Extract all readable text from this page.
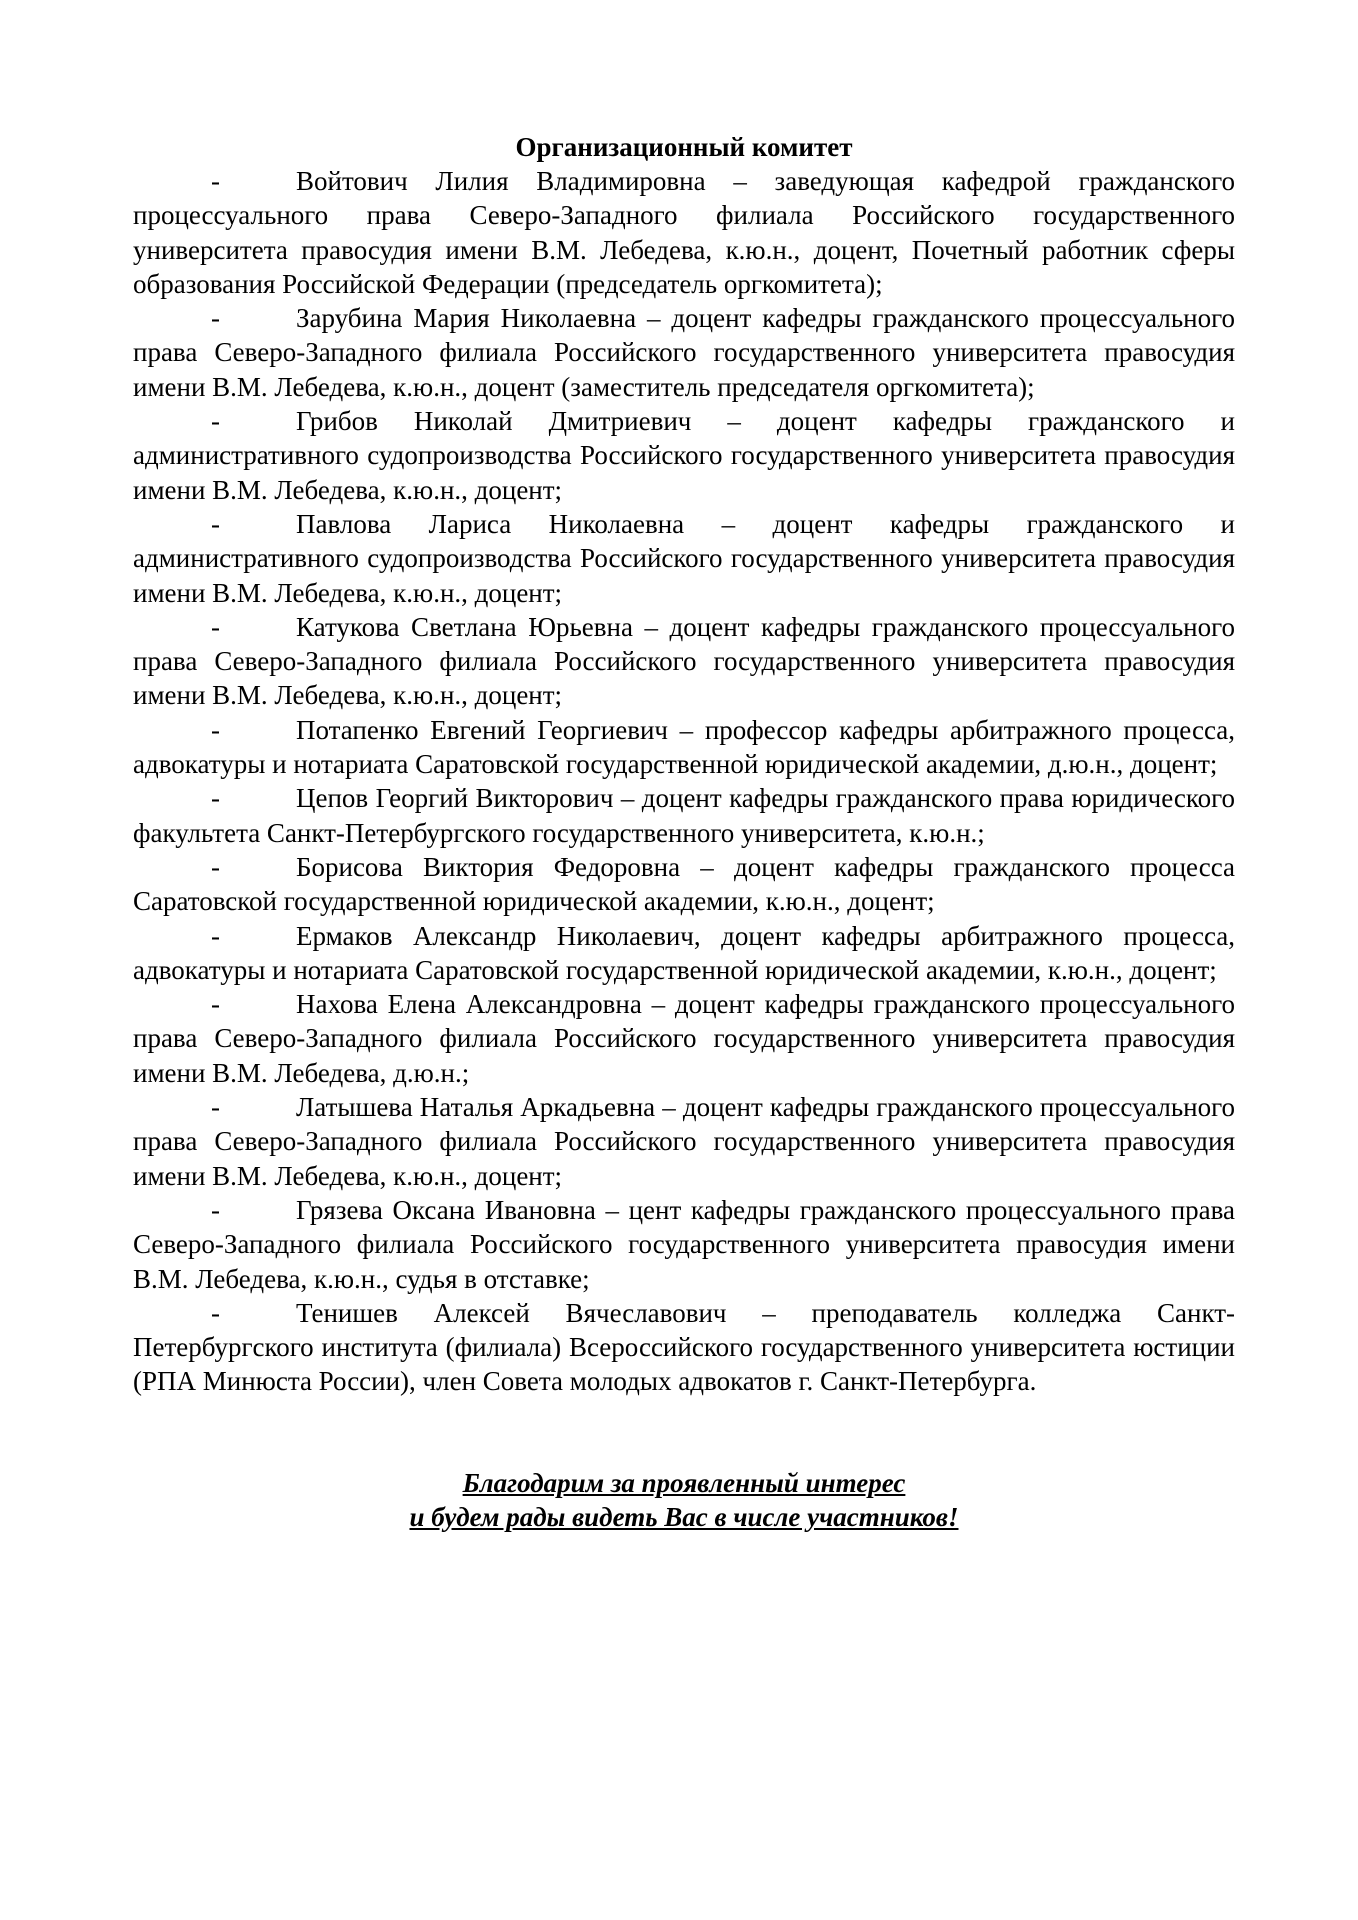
Организационный комитет

-	Войтович Лилия Владимировна – заведующая кафедрой гражданского процессуального права Северо-Западного филиала Российского государственного университета правосудия имени В.М. Лебедева, к.ю.н., доцент, Почетный работник сферы образования Российской Федерации (председатель оргкомитета);

-	Зарубина Мария Николаевна – доцент кафедры гражданского процессуального права Северо-Западного филиала Российского государственного университета правосудия имени В.М. Лебедева, к.ю.н., доцент (заместитель председателя оргкомитета);

-	Грибов Николай Дмитриевич – доцент кафедры гражданского и административного судопроизводства Российского государственного университета правосудия имени В.М. Лебедева, к.ю.н., доцент;

-	Павлова Лариса Николаевна – доцент кафедры гражданского и административного судопроизводства Российского государственного университета правосудия имени В.М. Лебедева, к.ю.н., доцент;

-	Катукова Светлана Юрьевна – доцент кафедры гражданского процессуального права Северо-Западного филиала Российского государственного университета правосудия имени В.М. Лебедева, к.ю.н., доцент;

-	Потапенко Евгений Георгиевич – профессор кафедры арбитражного процесса, адвокатуры и нотариата Саратовской государственной юридической академии, д.ю.н., доцент;

-	Цепов Георгий Викторович – доцент кафедры гражданского права юридического факультета Санкт-Петербургского государственного университета, к.ю.н.;

-	Борисова Виктория Федоровна – доцент кафедры гражданского процесса Саратовской государственной юридической академии, к.ю.н., доцент;

-	Ермаков Александр Николаевич, доцент кафедры арбитражного процесса, адвокатуры и нотариата Саратовской государственной юридической академии, к.ю.н., доцент;

-	Нахова Елена Александровна – доцент кафедры гражданского процессуального права Северо-Западного филиала Российского государственного университета правосудия имени В.М. Лебедева, д.ю.н.;

-	Латышева Наталья Аркадьевна – доцент кафедры гражданского процессуального права Северо-Западного филиала Российского государственного университета правосудия имени В.М. Лебедева, к.ю.н., доцент;

-	Грязева Оксана Ивановна – цент кафедры гражданского процессуального права Северо-Западного филиала Российского государственного университета правосудия имени В.М. Лебедева, к.ю.н., судья в отставке;

-	Тенишев Алексей Вячеславович – преподаватель колледжа Санкт-Петербургского института (филиала) Всероссийского государственного университета юстиции (РПА Минюста России), член Совета молодых адвокатов г. Санкт-Петербурга.

Благодарим за проявленный интерес
и будем рады видеть Вас в числе участников!
